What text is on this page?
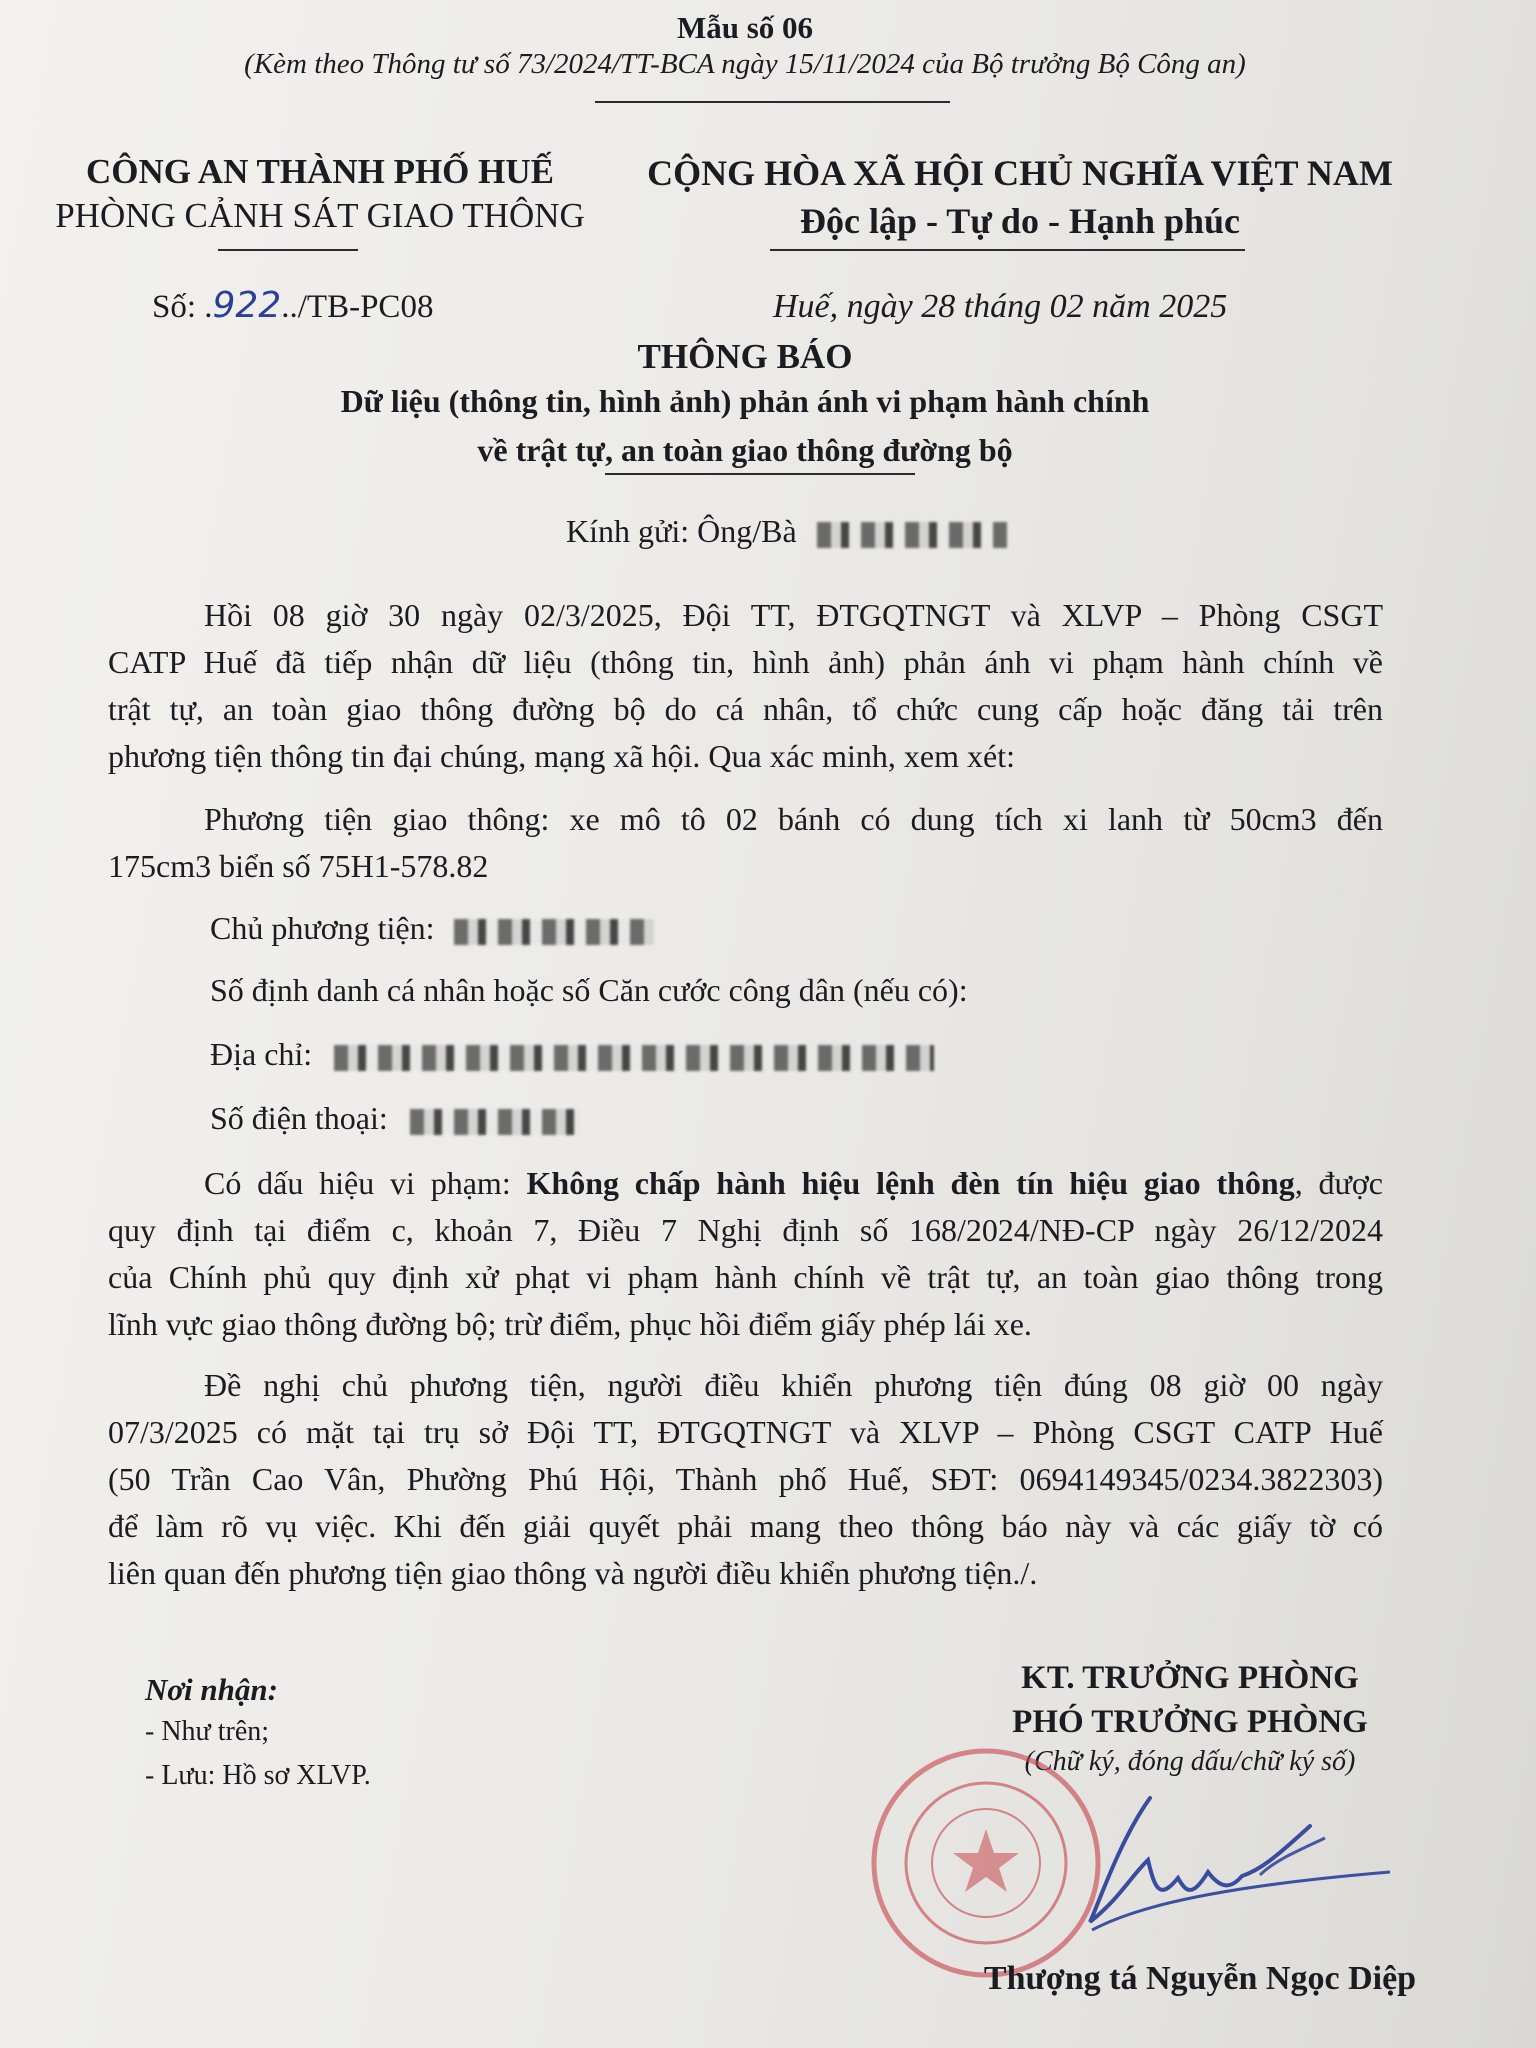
Mẫu số 06
(Kèm theo Thông tư số 73/2024/TT-BCA ngày 15/11/2024 của Bộ trưởng Bộ Công an)
CÔNG AN THÀNH PHỐ HUẾ
PHÒNG CẢNH SÁT GIAO THÔNG
CỘNG HÒA XÃ HỘI CHỦ NGHĨA VIỆT NAM
Độc lập - Tự do - Hạnh phúc
Số: .922../TB-PC08	Huế, ngày 28 tháng 02 năm 2025
THÔNG BÁO
Dữ liệu (thông tin, hình ảnh) phản ánh vi phạm hành chính
về trật tự, an toàn giao thông đường bộ
Kính gửi: Ông/Bà
Hồi 08 giờ 30 ngày 02/3/2025, Đội TT, ĐTGQTNGT và XLVP – Phòng CSGT
CATP Huế đã tiếp nhận dữ liệu (thông tin, hình ảnh) phản ánh vi phạm hành chính về
trật tự, an toàn giao thông đường bộ do cá nhân, tổ chức cung cấp hoặc đăng tải trên
phương tiện thông tin đại chúng, mạng xã hội. Qua xác minh, xem xét:
Phương tiện giao thông: xe mô tô 02 bánh có dung tích xi lanh từ 50cm3 đến
175cm3 biển số 75H1-578.82
Chủ phương tiện:
Số định danh cá nhân hoặc số Căn cước công dân (nếu có):
Địa chỉ:
Số điện thoại:
Có dấu hiệu vi phạm: Không chấp hành hiệu lệnh đèn tín hiệu giao thông, được
quy định tại điểm c, khoản 7, Điều 7 Nghị định số 168/2024/NĐ-CP ngày 26/12/2024
của Chính phủ quy định xử phạt vi phạm hành chính về trật tự, an toàn giao thông trong
lĩnh vực giao thông đường bộ; trừ điểm, phục hồi điểm giấy phép lái xe.
Đề nghị chủ phương tiện, người điều khiển phương tiện đúng 08 giờ 00 ngày
07/3/2025 có mặt tại trụ sở Đội TT, ĐTGQTNGT và XLVP – Phòng CSGT CATP Huế
(50 Trần Cao Vân, Phường Phú Hội, Thành phố Huế, SĐT: 0694149345/0234.3822303)
để làm rõ vụ việc. Khi đến giải quyết phải mang theo thông báo này và các giấy tờ có
liên quan đến phương tiện giao thông và người điều khiển phương tiện./.
Nơi nhận:
- Như trên;
- Lưu: Hồ sơ XLVP.
KT. TRƯỞNG PHÒNG
PHÓ TRƯỞNG PHÒNG
(Chữ ký, đóng dấu/chữ ký số)
Thượng tá Nguyễn Ngọc Diệp
